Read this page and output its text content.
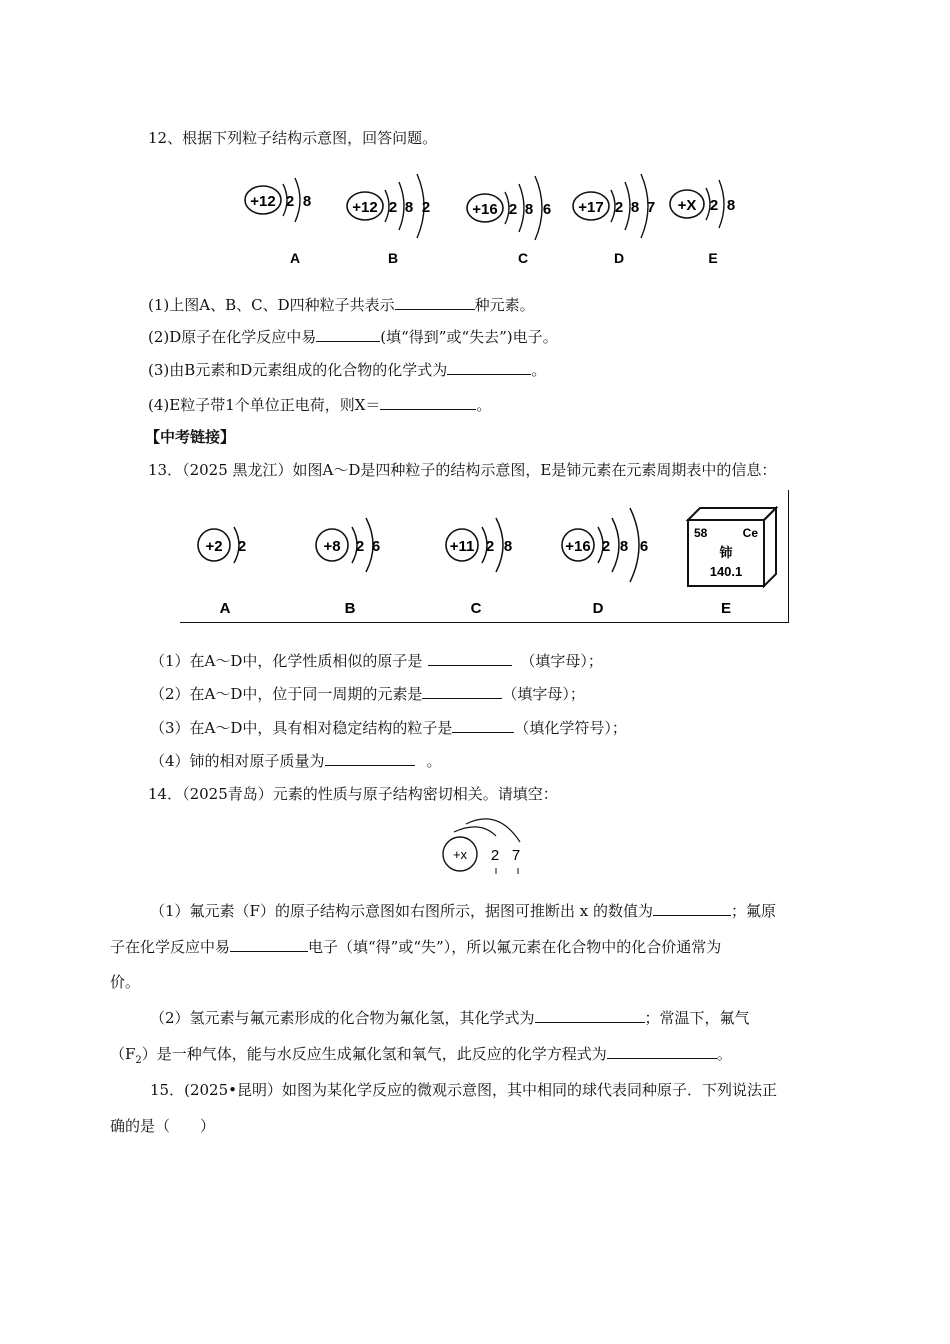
12、根据下列粒子结构示意图，回答问题。
+12 2 8
A
+12 2 8 2
B
+16 2 8 6
C
+17 2 8 7
D
+X 2 8
E
(1)上图A、B、C、D四种粒子共表示	种元素。
(2)D原子在化学反应中易	(填“得到”或“失去”)电子。
(3)由B元素和D元素组成的化合物的化学式为	。
(4)E粒子带1个单位正电荷，则X＝	。
【中考链接】
13．（2025 黑龙江）如图A～D是四种粒子的结构示意图，E是铈元素在元素周期表中的信息：
+2 2
A
+8 2 6
B
+11 2 8
C
+16 2 8 6
D
58	Ce
铈
140.1
E
（1）在A～D中，化学性质相似的原子是	（填字母）；
（2）在A～D中，位于同一周期的元素是	（填字母）；
（3）在A～D中，具有相对稳定结构的粒子是	（填化学符号）；
（4）铈的相对原子质量为	。
14．（2025青岛）元素的性质与原子结构密切相关。请填空：
+x 2 7
（1）氟元素（F）的原子结构示意图如右图所示，据图可推断出 x 的数值为	；氟原
子在化学反应中易	电子（填“得”或“失”），所以氟元素在化合物中的化合价通常为
价。
（2）氢元素与氟元素形成的化合物为氟化氢，其化学式为	；常温下，氟气
$(F_2)$是一种气体，能与水反应生成氟化氢和氧气，此反应的化学方程式为	。
15．(2025•昆明）如图为某化学反应的微观示意图，其中相同的球代表同种原子．下列说法正
确的是（　　）
